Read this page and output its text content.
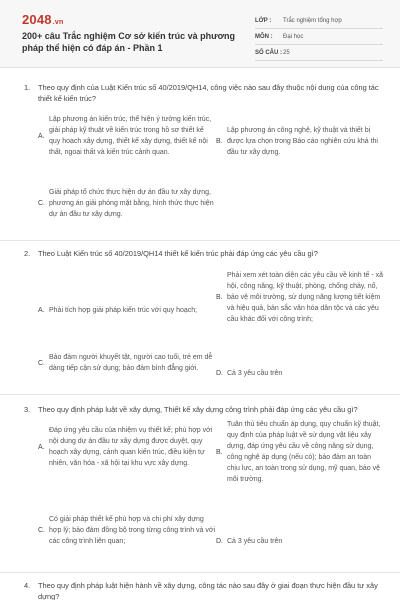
2048.vn
200+ câu Trắc nghiệm Cơ sở kiến trúc và phương pháp thể hiện có đáp án - Phần 1
LỚP :	Trắc nghiệm tổng hợp
MÔN :	Đại học
SỐ CÂU : 25
1.	Theo quy định của Luật Kiến trúc số 40/2019/QH14, công việc nào sau đây thuộc nội dung của công tác thiết kế kiến trúc?
A.
Lập phương án kiến trúc, thể hiện ý tưởng kiến trúc, giải pháp kỹ thuật về kiến trúc trong hồ sơ thiết kế quy hoạch xây dựng, thiết kế xây dựng, thiết kế nội thất, ngoại thất và kiến trúc cảnh quan.
B.
Lập phương án công nghệ, kỹ thuật và thiết bị được lựa chọn trong Báo cáo nghiên cứu khả thi đầu tư xây dựng.
C.
Giải pháp tổ chức thực hiện dự án đầu tư xây dựng, phương án giải phóng mặt bằng, hình thức thực hiện dự án đầu tư xây dựng.
2.	Theo Luật Kiến trúc số 40/2019/QH14 thiết kế kiến trúc phải đáp ứng các yêu cầu gì?
A. Phải tích hợp giải pháp kiến trúc với quy hoạch;
B.
Phải xem xét toàn diện các yêu cầu về kinh tế - xã hội, công năng, kỹ thuật, phòng, chống cháy, nổ, bảo vệ môi trường, sử dụng năng lượng tiết kiệm và hiệu quả, bản sắc văn hóa dân tộc và các yêu cầu khác đối với công trình;
C.
Bảo đảm người khuyết tật, người cao tuổi, trẻ em dễ dàng tiếp cận sử dụng; bảo đảm bình đẳng giới.
D. Cả 3 yêu cầu trên
3.	Theo quy định pháp luật về xây dựng, Thiết kế xây dựng công trình phải đáp ứng các yêu cầu gì?
A.
Đáp ứng yêu cầu của nhiệm vụ thiết kế; phù hợp với nội dung dự án đầu tư xây dựng được duyệt, quy hoạch xây dựng, cảnh quan kiến trúc, điều kiện tự nhiên, văn hóa - xã hội tại khu vực xây dựng.
B.
Tuân thủ tiêu chuẩn áp dụng, quy chuẩn kỹ thuật, quy định của pháp luật về sử dụng vật liệu xây dựng, đáp ứng yêu cầu về công năng sử dụng, công nghệ áp dụng (nếu có); bảo đảm an toàn chịu lực, an toàn trong sử dụng, mỹ quan, bảo vệ môi trường.
C.
Có giải pháp thiết kế phù hợp và chi phí xây dựng hợp lý; bảo đảm đồng bộ trong từng công trình và với các công trình liên quan;	D. Cả 3 yêu cầu trên
4.	Theo quy định pháp luật hiện hành về xây dựng, công tác nào sau đây ở giai đoạn thực hiện đầu tư xây dựng?
